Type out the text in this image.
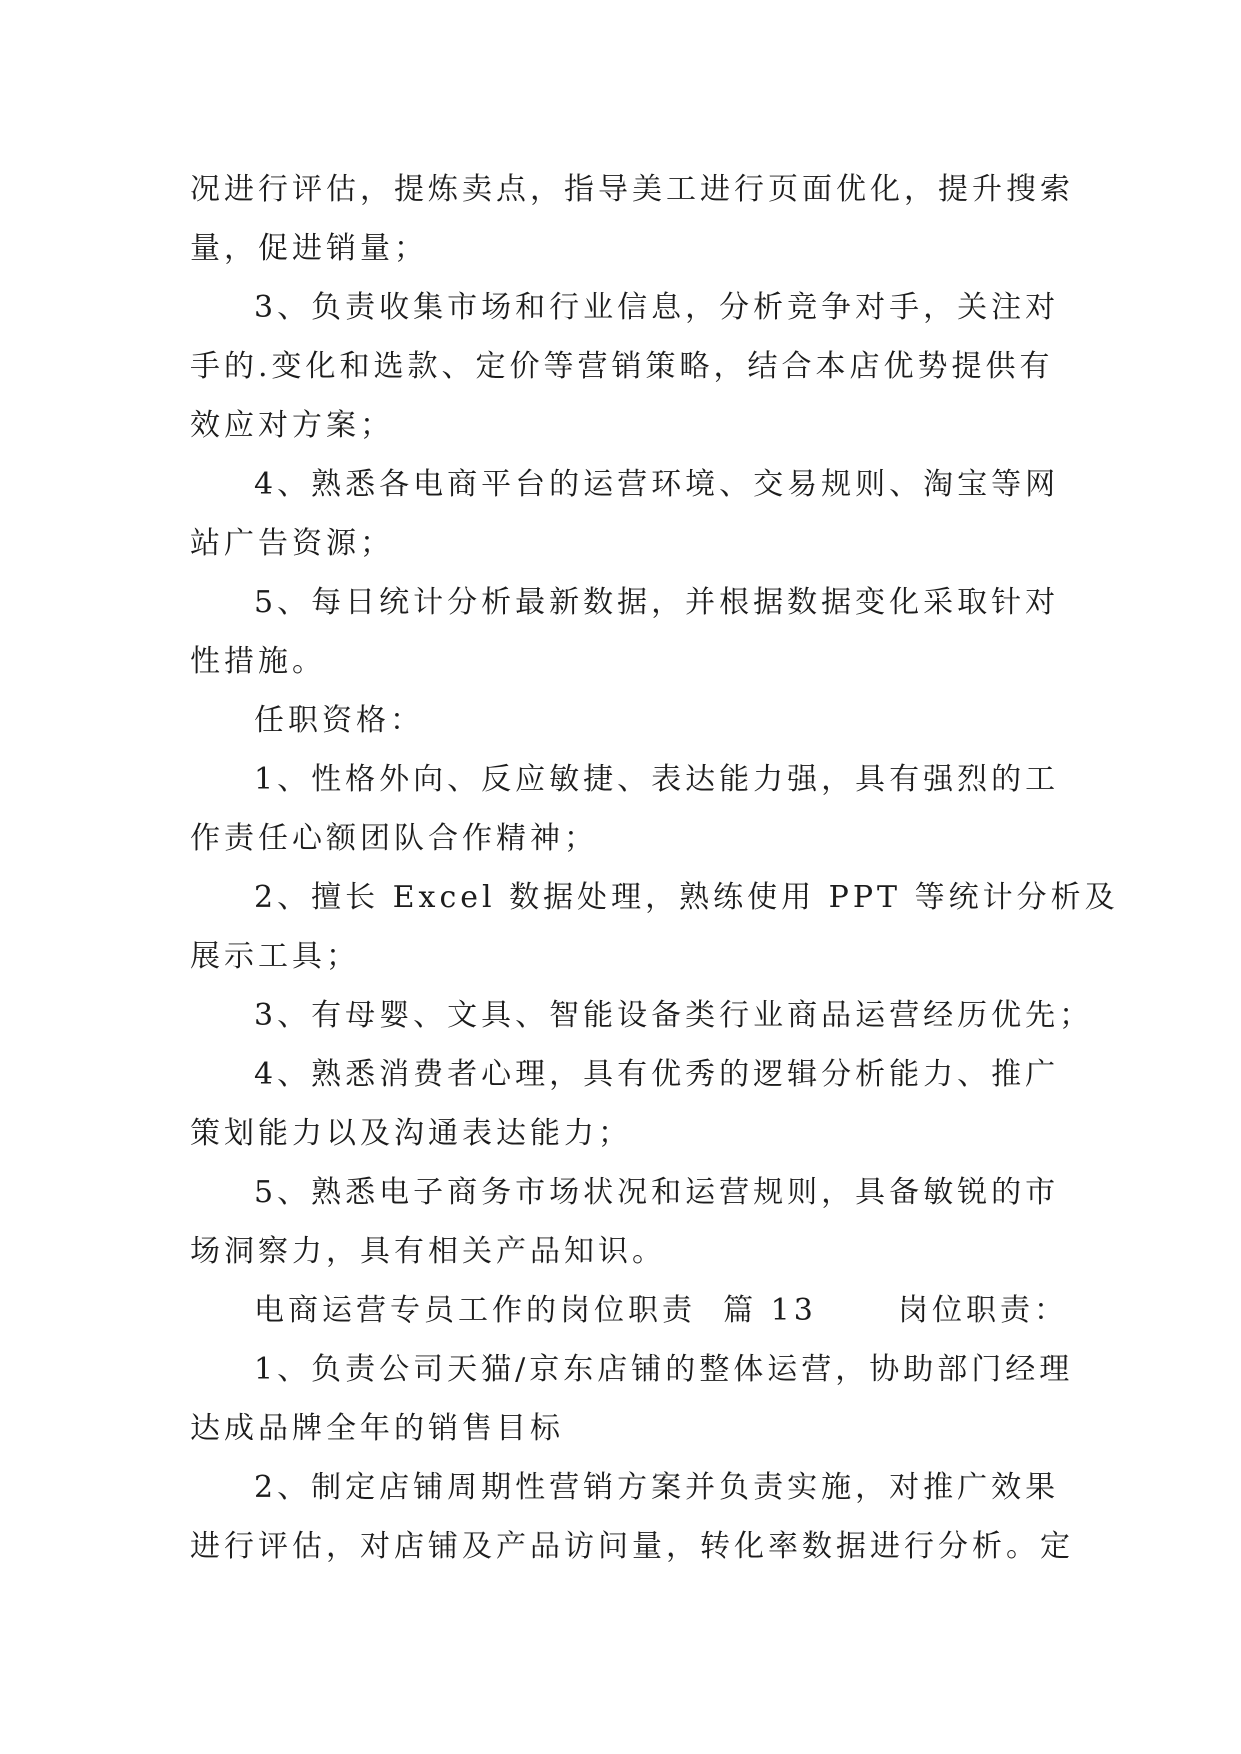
况进行评估，提炼卖点，指导美工进行页面优化，提升搜索
量，促进销量；
3、负责收集市场和行业信息，分析竞争对手，关注对
手的.变化和选款、定价等营销策略，结合本店优势提供有
效应对方案；
4、熟悉各电商平台的运营环境、交易规则、淘宝等网
站广告资源；
5、每日统计分析最新数据，并根据数据变化采取针对
性措施。
任职资格：
1、性格外向、反应敏捷、表达能力强，具有强烈的工
作责任心额团队合作精神；
2、擅长 Excel 数据处理，熟练使用 PPT 等统计分析及
展示工具；
3、有母婴、文具、智能设备类行业商品运营经历优先；
4、熟悉消费者心理，具有优秀的逻辑分析能力、推广
策划能力以及沟通表达能力；
5、熟悉电子商务市场状况和运营规则，具备敏锐的市
场洞察力，具有相关产品知识。
电商运营专员工作的岗位职责  篇 13      岗位职责：
1、负责公司天猫/京东店铺的整体运营，协助部门经理
达成品牌全年的销售目标
2、制定店铺周期性营销方案并负责实施，对推广效果
进行评估，对店铺及产品访问量，转化率数据进行分析。定
